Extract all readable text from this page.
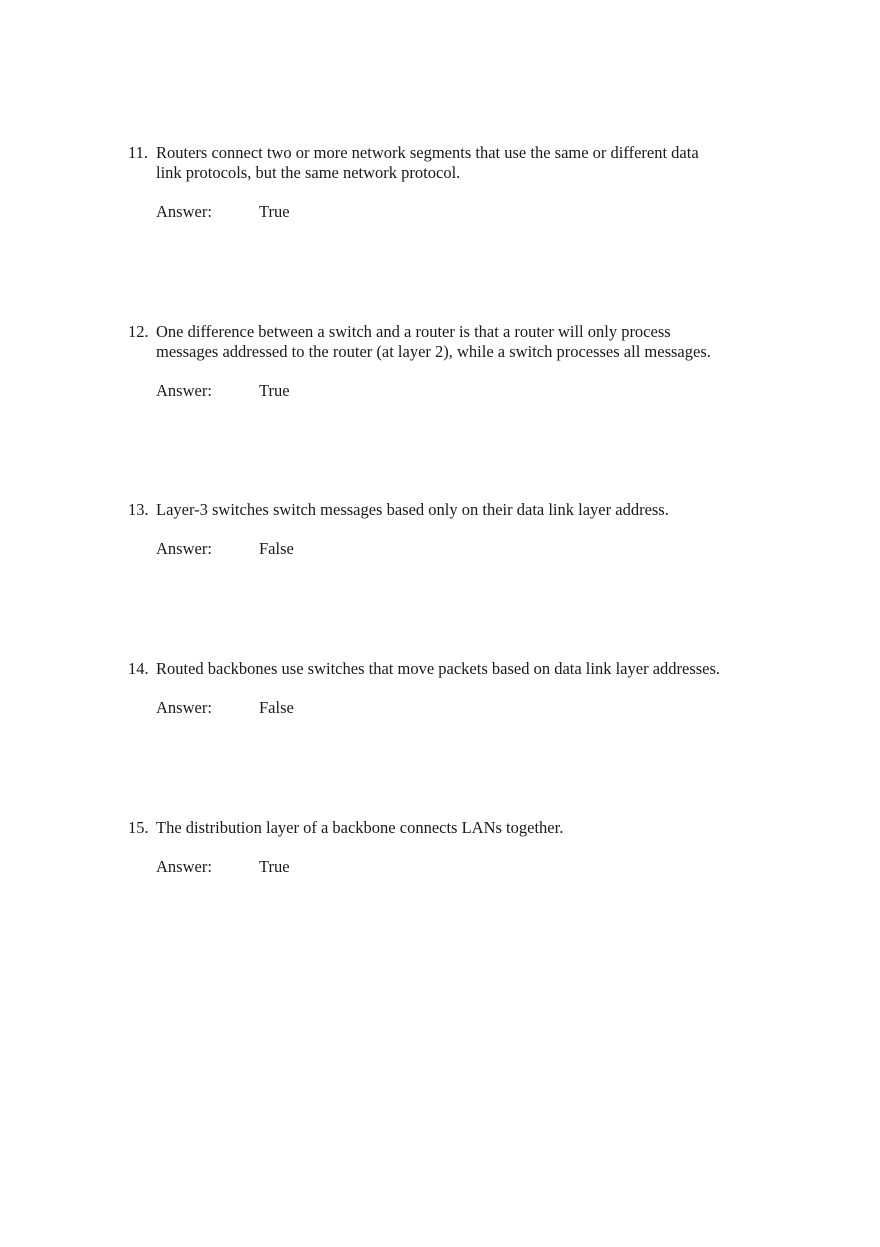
11. Routers connect two or more network segments that use the same or different data
link protocols, but the same network protocol.
Answer:	True
12. One difference between a switch and a router is that a router will only process
messages addressed to the router (at layer 2), while a switch processes all messages.
Answer:	True
13. Layer-3 switches switch messages based only on their data link layer address.
Answer:	False
14. Routed backbones use switches that move packets based on data link layer addresses.
Answer:	False
15. The distribution layer of a backbone connects LANs together.
Answer:	True
